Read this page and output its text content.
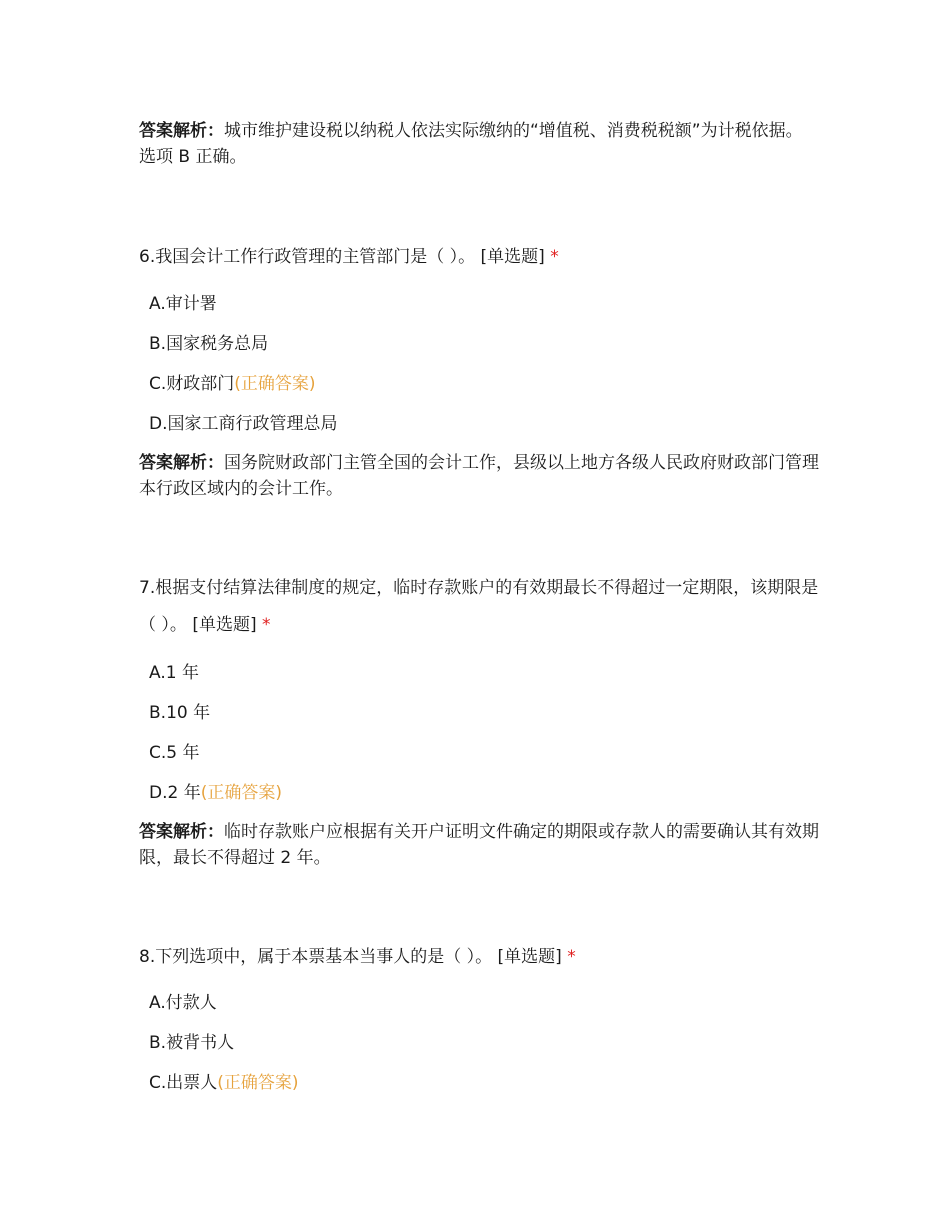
答案解析：城市维护建设税以纳税人依法实际缴纳的“增值税、消费税税额”为计税依据。选项 B 正确。

6.我国会计工作行政管理的主管部门是（ ）。 [单选题] *

A.审计署
B.国家税务总局
C.财政部门(正确答案)
D.国家工商行政管理总局

答案解析：国务院财政部门主管全国的会计工作，县级以上地方各级人民政府财政部门管理本行政区域内的会计工作。

7.根据支付结算法律制度的规定，临时存款账户的有效期最长不得超过一定期限，该期限是（ ）。 [单选题] *

A.1 年
B.10 年
C.5 年
D.2 年(正确答案)

答案解析：临时存款账户应根据有关开户证明文件确定的期限或存款人的需要确认其有效期限，最长不得超过 2 年。

8.下列选项中，属于本票基本当事人的是（ ）。 [单选题] *

A.付款人
B.被背书人
C.出票人(正确答案)
